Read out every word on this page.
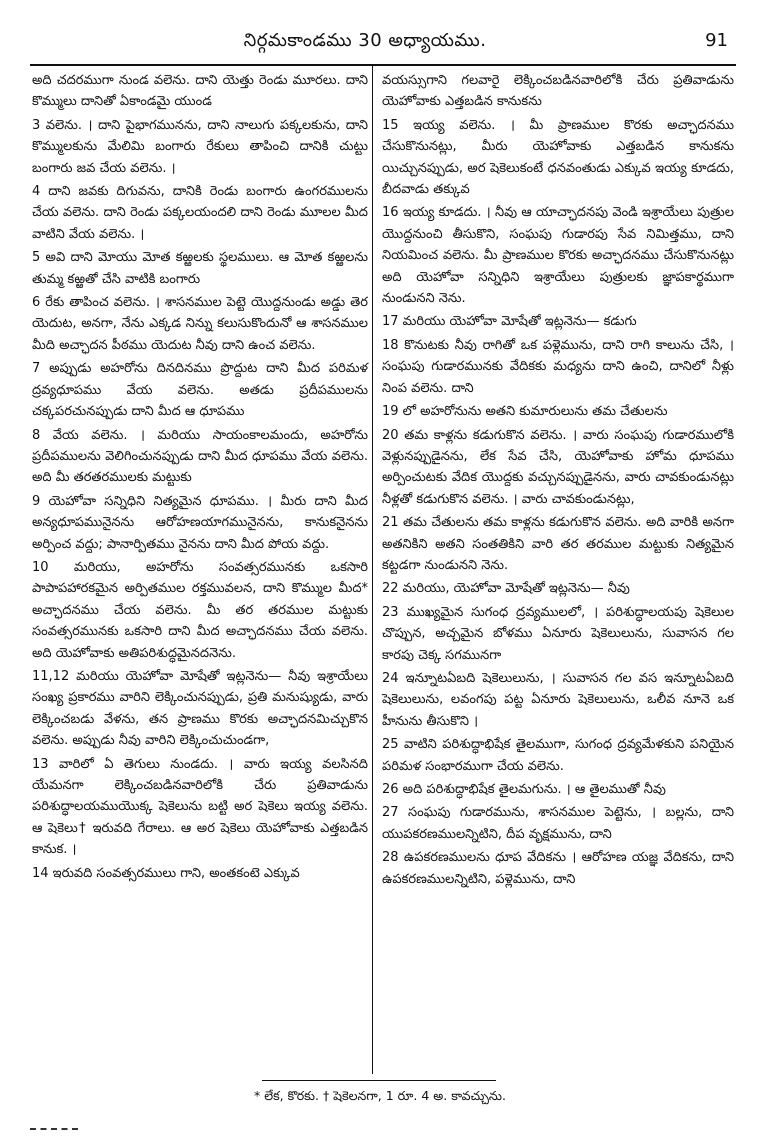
నిర్గమకాండము 30 అధ్యాయము.	91

అది చదరముగా నుండ వలెను. దాని యెత్తు రెండు మూరలు. దాని కొమ్ములు దానితో ఏకాండమై యుండ

3 వలెను. । దాని పైభాగమునను, దాని నాలుగు పక్కలకును, దాని కొమ్ములకును మేలిమి బంగారు రేకులు తాపించి దానికి చుట్టు బంగారు జవ చేయ వలెను. ।

4 దాని జవకు దిగువను, దానికి రెండు బంగారు ఉంగరములను చేయ వలెను. దాని రెండు పక్కలయందలి దాని రెండు మూలల మీద వాటిని వేయ వలెను. ।

5 అవి దాని మోయు మోత కఱ్ఱలకు స్థలములు. ఆ మోత కఱ్ఱలను తుమ్మ కఱ్ఱతో చేసి వాటికి బంగారు

6 రేకు తాపించ వలెను. । శాసనముల పెట్టె యొద్దనుండు అడ్డు తెర యెదుట, అనగా, నేను ఎక్కడ నిన్ను కలుసుకొందునో ఆ శాసనముల మీది అచ్ఛాదన పీఠము యెదుట నీవు దాని ఉంచ వలెను.

7 అప్పుడు అహరోను దినదినము ప్రొద్దుట దాని మీద పరిమళ ద్రవ్యధూపము వేయ వలెను. అతడు ప్రదీపములను చక్కపరచునప్పుడు దాని మీద ఆ ధూపము

8 వేయ వలెను. । మరియు సాయంకాలమందు, అహరోను ప్రదీపములను వెలిగించునప్పుడు దాని మీద ధూపము వేయ వలెను. అది మీ తరతరములకు మట్టుకు

9 యెహోవా సన్నిధిని నిత్యమైన ధూపము. । మీరు దాని మీద అన్యధూపమునైనను ఆరోహణయాగమునైనను, కానుకనైనను అర్పించ వద్దు; పానార్పితము నైనను దాని మీద పోయ వద్దు.

10 మరియు, అహరోను సంవత్సరమునకు ఒకసారి పాపాపహారకమైన అర్పితముల రక్తమువలన, దాని కొమ్ముల మీద* అచ్ఛాదనము చేయ వలెను. మీ తర తరముల మట్టుకు సంవత్సరమునకు ఒకసారి దాని మీద అచ్ఛాదనము చేయ వలెను. అది యెహోవాకు అతిపరిశుద్ధమైనదనెను.

11,12 మరియు యెహోవా మోషేతో ఇట్లనెను— నీవు ఇశ్రాయేలు సంఖ్య ప్రకారము వారిని లెక్కించునప్పుడు, ప్రతి మనుష్యుడు, వారు లెక్కించబడు వేళను, తన ప్రాణము కొరకు అచ్ఛాదనమిచ్చుకొన వలెను. అప్పుడు నీవు వారిని లెక్కించుచుండగా,

13 వారిలో ఏ తెగులు నుండదు. । వారు ఇయ్య వలసినది యేమనగా లెక్కించబడినవారిలోకి చేరు ప్రతివాడును పరిశుద్ధాలయముయొక్క షెకెలును బట్టి అర షెకెలు ఇయ్య వలెను. ఆ షెకెలు† ఇరువది గేరాలు. ఆ అర షెకెలు యెహోవాకు ఎత్తబడిన కానుక. ।

14 ఇరువది సంవత్సరములు గాని, అంతకంటె ఎక్కువ

వయస్సుగాని గలవారై లెక్కించబడినవారిలోకి చేరు ప్రతివాడును యెహోవాకు ఎత్తబడిన కానుకను

15 ఇయ్య వలెను. । మీ ప్రాణముల కొరకు అచ్ఛాదనము చేసుకొనునట్లు, మీరు యెహోవాకు ఎత్తబడిన కానుకను యిచ్చునప్పుడు, అర షెకెలుకంటే ధనవంతుడు ఎక్కువ ఇయ్య కూడదు, బీదవాడు తక్కువ

16 ఇయ్య కూడదు. । నీవు ఆ యాచ్ఛాదనపు వెండి ఇశ్రాయేలు పుత్రుల యొద్దనుంచి తీసుకొని, సంఘపు గుడారపు సేవ నిమిత్తము, దాని నియమించ వలెను. మీ ప్రాణముల కొరకు అచ్ఛాదనము చేసుకొనునట్లు అది యెహోవా సన్నిధిని ఇశ్రాయేలు పుత్రులకు జ్ఞాపకార్థముగా నుండునని నెను.

17 మరియు యెహోవా మోషేతో ఇట్లనెను— కడుగు

18 కొనుటకు నీవు రాగితో ఒక పళ్లెమును, దాని రాగి కాలును చేసి, । సంఘపు గుడారమునకు వేదికకు మధ్యను దాని ఉంచి, దానిలో నీళ్లు నింప వలెను. దాని

19 లో అహరోనును అతని కుమారులును తమ చేతులను

20 తమ కాళ్లను కడుగుకొన వలెను. । వారు సంఘపు గుడారములోకి వెళ్లునప్పుడైనను, లేక సేవ చేసి, యెహోవాకు హోమ ధూపము అర్పించుటకు వేదిక యొద్దకు వచ్చునప్పుడైనను, వారు చావకుండునట్లు నీళ్లతో కడుగుకొన వలెను. । వారు చావకుండునట్లు,

21 తమ చేతులను తమ కాళ్లను కడుగుకొన వలెను. అది వారికి అనగా అతనికిని అతని సంతతికిని వారి తర తరముల మట్టుకు నిత్యమైన కట్టడగా నుండునని నెను.

22 మరియు, యెహోవా మోషేతో ఇట్లనెను— నీవు

23 ముఖ్యమైన సుగంధ ద్రవ్యములలో, । పరిశుద్ధాలయపు షెకెలుల చొప్పున, అచ్చమైన బోళము ఏనూరు షెకెలులును, సువాసన గల కారపు చెక్క సగమునగా

24 ఇన్నూటఏబది షెకెలులును, । సువాసన గల వస ఇన్నూటఏబది షెకెలులును, లవంగపు పట్ట ఏనూరు షెకెలులును, ఒలీవ నూనె ఒక హీనును తీసుకొని ।

25 వాటిని పరిశుద్ధాభిషేక తైలముగా, సుగంధ ద్రవ్యమేళకుని పనియైన పరిమళ సంభారముగా చేయ వలెను.

26 అది పరిశుద్ధాభిషేక తైలమగును. । ఆ తైలముతో నీవు

27 సంఘపు గుడారమును, శాసనముల పెట్టెను, । బల్లను, దాని యుపకరణములన్నిటిని, దీప వృక్షమును, దాని

28 ఉపకరణములను ధూప వేదికను । ఆరోహణ యజ్ఞ వేదికను, దాని ఉపకరణములన్నిటిని, పళ్లెమును, దాని

* లేక, కొరకు. † షెకెలనగా, 1 రూ. 4 అ. కావచ్చును.
